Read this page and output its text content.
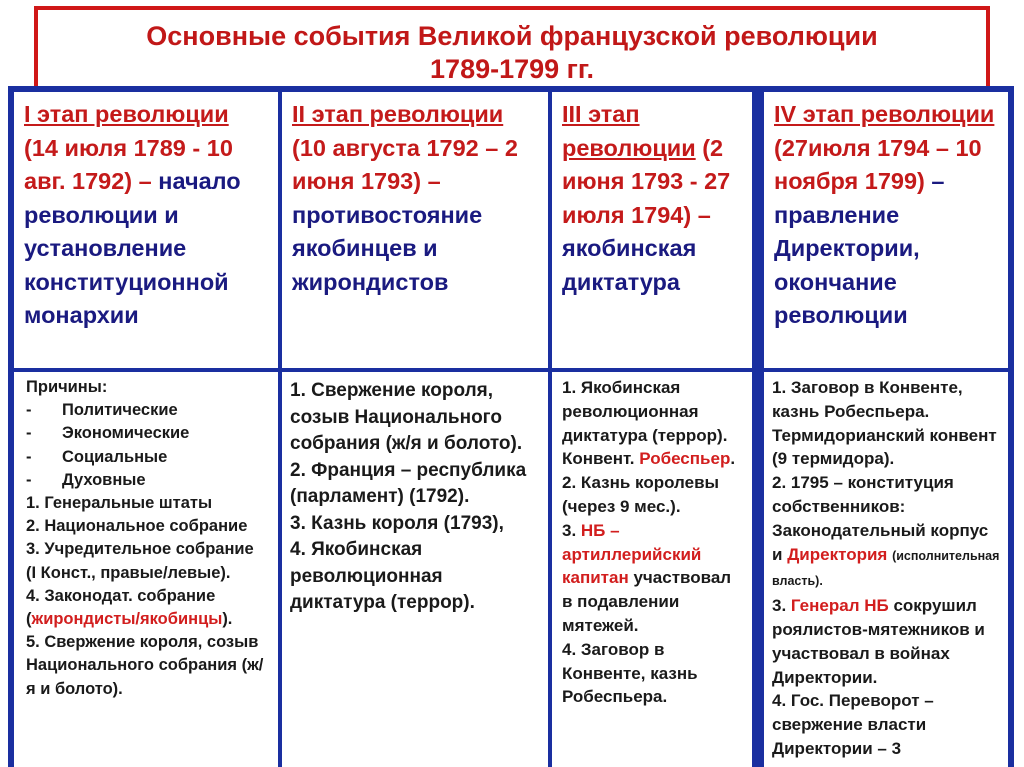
Основные события Великой французской революции
1789-1799 гг.
I этап революции (14 июля 1789 - 10 авг. 1792) – начало революции и установление конституционной монархии
II этап революции (10 августа 1792 – 2 июня 1793) – противостояние якобинцев и жирондистов
III этап революции (2 июня 1793 - 27 июля 1794) – якобинская диктатура
IV этап революции (27июля 1794 – 10 ноября 1799) – правление Директории, окончание революции
Причины:
- Политические
- Экономические
- Социальные
- Духовные
1. Генеральные штаты
2. Национальное собрание
3. Учредительное собрание (I Конст., правые/левые).
4. Законодат. собрание (жирондисты/якобинцы).
5. Свержение короля, созыв Национального собрания (ж/я и болото).
1. Свержение короля, созыв Национального собрания (ж/я и болото).
2. Франция – республика (парламент) (1792).
3. Казнь короля (1793),
4. Якобинская революционная диктатура (террор).
1. Якобинская революционная диктатура (террор). Конвент. Робеспьер.
2. Казнь королевы (через 9 мес.).
3. НБ – артиллерийский капитан участвовал в подавлении мятежей.
4. Заговор в Конвенте, казнь Робеспьера.
1. Заговор в Конвенте, казнь Робеспьера. Термидорианский конвент (9 термидора).
2. 1795 – конституция собственников: Законодательный корпус и Директория (исполнительная власть).
3. Генерал НБ сокрушил роялистов-мятежников и участвовал в войнах Директории.
4. Гос. Переворот – свержение власти Директории – 3
